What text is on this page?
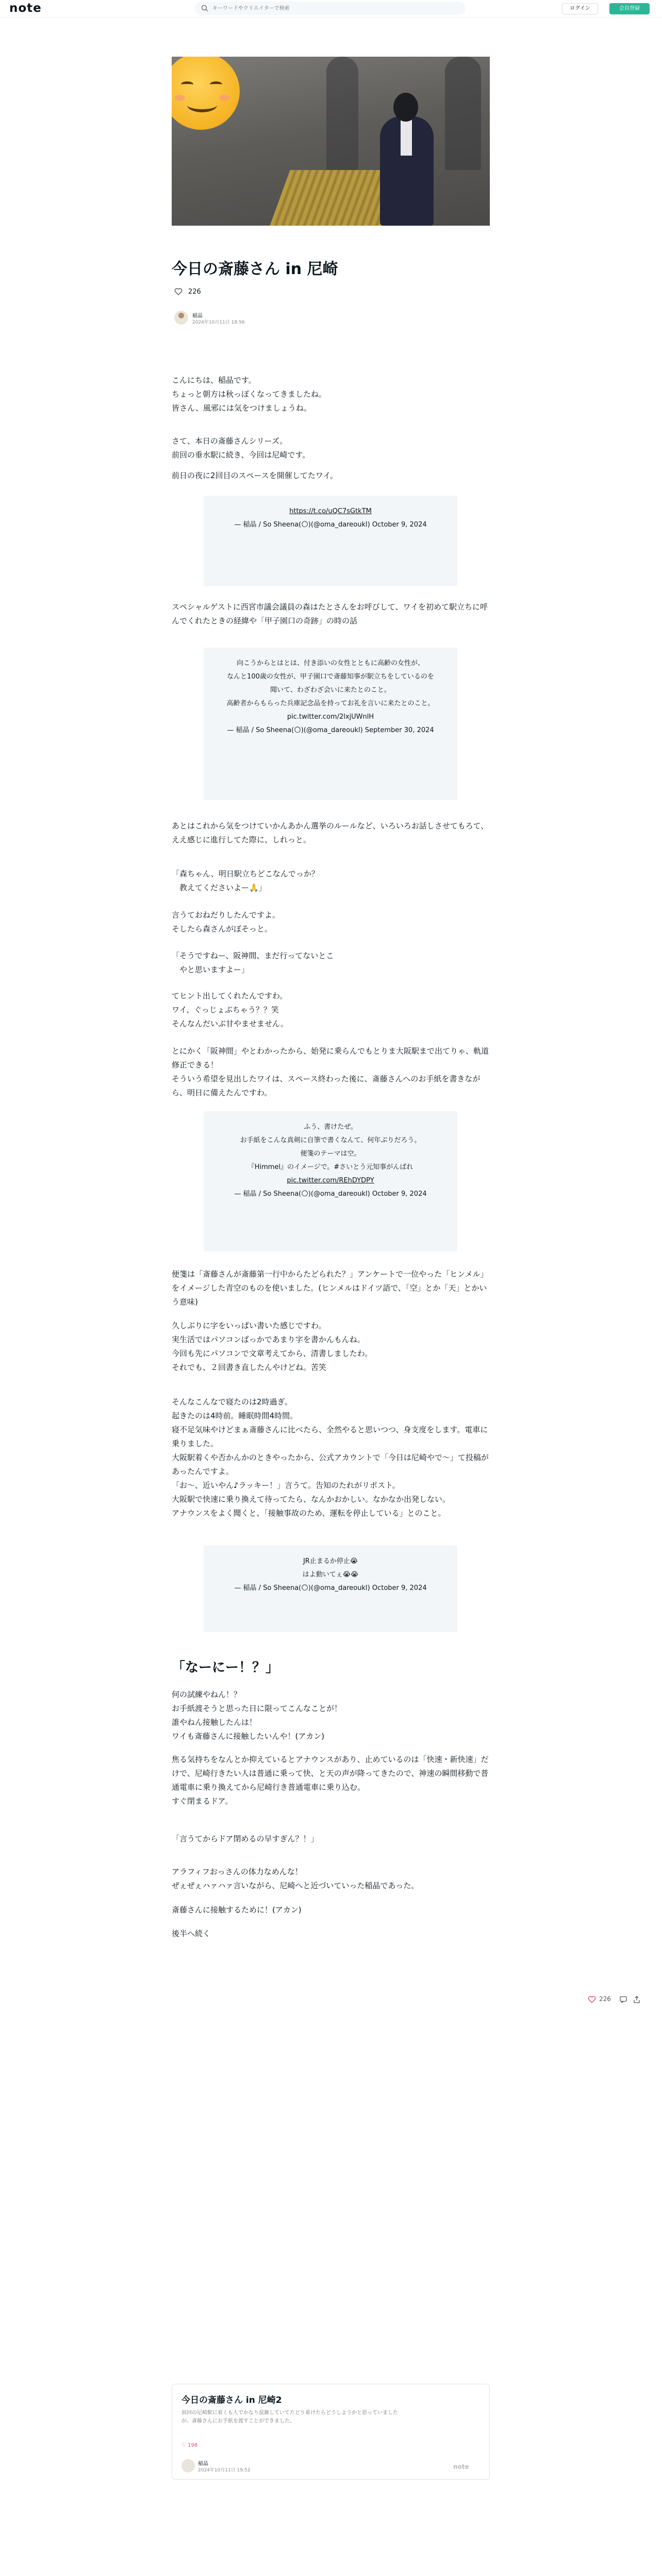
note
キーワードやクリエイターで検索	ログイン	会員登録
今日の斎藤さん in 尼崎
226
稲晶
2024年10月11日 18:56
こんにちは、稲晶です。
ちょっと朝方は秋っぽくなってきましたね。
皆さん、風邪には気をつけましょうね。
さて、本日の斎藤さんシリーズ。
前回の垂水駅に続き、今回は尼崎です。
前日の夜に2回目のスペースを開催してたワイ。
https://t.co/uQC7sGtkTM
— 稲晶 / So Sheena(🌕)(@oma_dareoukl) October 9, 2024
スペシャルゲストに西宮市議会議員の森はたとさんをお呼びして、ワイを初めて駅立ちに呼んでくれたときの経緯や「甲子園口の奇跡」の時の話
向こうからとはとは、付き添いの女性とともに高齢の女性が、
なんと100歳の女性が、甲子園口で斎藤知事が駅立ちをしているのを聞いて、わざわざ会いに来たとのこと。
高齢者からもらった兵庫記念品を持ってお礼を言いに来たとのこと。 pic.twitter.com/2lxjUWnlH
— 稲晶 / So Sheena(🌕)(@oma_dareoukl) September 30, 2024
あとはこれから気をつけていかんあかん選挙のルールなど、いろいろお話しさせてもろて、ええ感じに進行してた際に、しれっと。
「森ちゃん、明日駅立ちどこなんでっか？
　教えてくださいよー🙏」
言うておねだりしたんですよ。
そしたら森さんがぼそっと。
「そうですねー、阪神間、まだ行ってないとこ
　やと思いますよー」
てヒント出してくれたんですわ。
ワイ、ぐっじょぶちゃう？？笑
そんなんだいぶ甘やませません。
とにかく「阪神間」やとわかったから、始発に乗らんでもとりま大阪駅まで出てりゃ、軌道修正できる！
そういう希望を見出したワイは、スペース終わった後に、斎藤さんへのお手紙を書きながら、明日に備えたんですわ。
ふう、書けたぜ。
お手紙をこんな真剣に自筆で書くなんて、何年ぶりだろう。
便箋のテーマは空。
『Himmel』のイメージで。#さいとう元知事がんばれ
pic.twitter.com/REhDYDPY
— 稲晶 / So Sheena(🌕)(@oma_dareoukl) October 9, 2024
便箋は「斎藤さんが斎藤第一行中からたどられた？」アンケートで一位やった「ヒンメル」をイメージした青空のものを使いました。(ヒンメルはドイツ語で、「空」とか「天」とかいう意味)
久しぶりに字をいっぱい書いた感じですわ。
実生活ではパソコンばっかであまり字を書かんもんね。
今回も先にパソコンで文章考えてから、清書しましたわ。
それでも、２回書き直したんやけどね。苦笑
そんなこんなで寝たのは2時過ぎ。
起きたのは4時前。睡眠時間4時間。
寝不足気味やけどまぁ斎藤さんに比べたら、全然やると思いつつ、身支度をします。電車に乗りました。
大阪駅着くや否かんかのときやったから、公式アカウントで「今日は尼崎やで〜」て投稿があったんですよ。
「お〜、近いやん♪ラッキー！」言うて。告知のたれがリポスト。
大阪駅で快速に乗り換えて待ってたら、なんかおかしい。なかなか出発しない。
アナウンスをよく聞くと、「接触事故のため、運転を停止している」とのこと。
JR止まるか停止😭
はよ動いてぇ😭😭
— 稲晶 / So Sheena(🌕)(@oma_dareoukl) October 9, 2024
「なーにー！？」
何の試練やねん！？
お手紙渡そうと思った日に限ってこんなことが！
誰やねん接触したんは！
ワイも斎藤さんに接触したいんや！(アカン)
焦る気持ちをなんとか抑えているとアナウンスがあり、止めているのは「快速・新快速」だけで、尼崎行きたい人は普通に乗って快、と天の声が降ってきたので、神速の瞬間移動で普通電車に乗り換えてから尼崎行き普通電車に乗り込む。
すぐ閉まるドア。
「言うてからドア閉めるの早すぎん？！」
アラフィフおっさんの体力なめんな！
ぜぇぜぇハァハァ言いながら、尼崎へと近づいていった稲晶であった。
斎藤さんに接触するために！(アカン)
後半へ続く
226
今日の斎藤さん in 尼崎2
前回の尼崎駅に着くも人でかなり混雑していてたどり着けたらどうしようかと思っていましたが、斎藤さんにお手紙を渡すことができました。
♡ 198
稲晶
2024年10月11日 19:52	note
